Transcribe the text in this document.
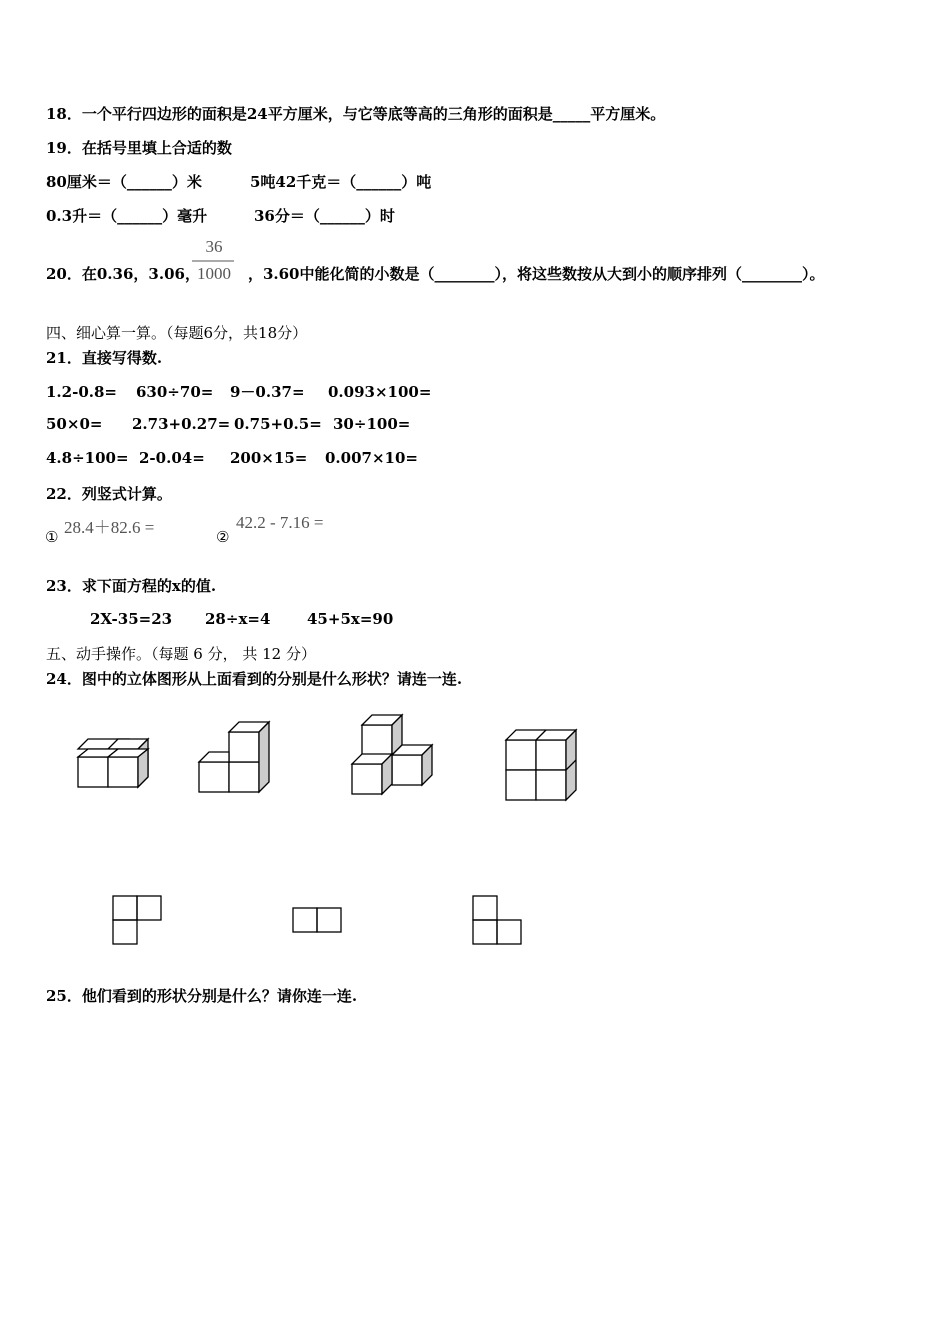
18．一个平行四边形的面积是24平方厘米，与它等底等高的三角形的面积是_____平方厘米。
19．在括号里填上合适的数
80厘米＝（______）米	5吨42千克＝（______）吨
0.3升＝（______）毫升	36分＝（______）时
20．在0.36，3.06，	，3.60中能化简的小数是（________），将这些数按从大到小的顺序排列（________）。
36
1000
四、细心算一算。（每题6分，共18分）
21．直接写得数.
1.2-0.8= 630÷70= 9－0.37= 0.093×100=
50×0= 2.73+0.27= 0.75+0.5= 30÷100=
4.8÷100= 2-0.04= 200×15= 0.007×10=
22．列竖式计算。
① 28.4＋82.6 =	②
42.2 - 7.16 =
23．求下面方程的x的值.
2X-35=23 28÷x=4 45+5x=90
五、动手操作。（每题 6 分， 共 12 分）
24．图中的立体图形从上面看到的分别是什么形状？请连一连.
25．他们看到的形状分别是什么？请你连一连.
